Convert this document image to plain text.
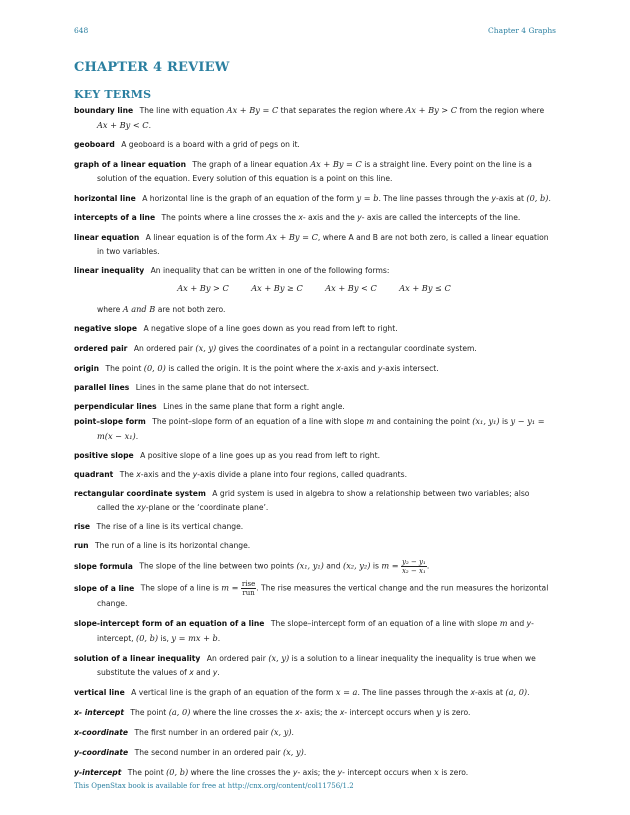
648	Chapter 4 Graphs
CHAPTER 4 REVIEW
KEY TERMS

boundary line The line with equation Ax + By = C that separates the region where Ax + By > C from the region where Ax + By < C.

geoboard A geoboard is a board with a grid of pegs on it.

graph of a linear equation The graph of a linear equation Ax + By = C is a straight line. Every point on the line is a solution of the equation. Every solution of this equation is a point on this line.

horizontal line A horizontal line is the graph of an equation of the form y = b. The line passes through the y-axis at (0, b).

intercepts of a line The points where a line crosses the x- axis and the y- axis are called the intercepts of the line.

linear equation A linear equation is of the form Ax + By = C, where A and B are not both zero, is called a linear equation in two variables.

linear inequality An inequality that can be written in one of the following forms:

Ax + By > C	Ax + By ≥ C	Ax + By < C	Ax + By ≤ C

where A and B are not both zero.

negative slope A negative slope of a line goes down as you read from left to right.

ordered pair An ordered pair (x, y) gives the coordinates of a point in a rectangular coordinate system.

origin The point (0, 0) is called the origin. It is the point where the x-axis and y-axis intersect.

parallel lines Lines in the same plane that do not intersect.

perpendicular lines Lines in the same plane that form a right angle.

point–slope form The point–slope form of an equation of a line with slope m and containing the point (x₁, y₁) is y − y₁ = m(x − x₁).

positive slope A positive slope of a line goes up as you read from left to right.

quadrant The x-axis and the y-axis divide a plane into four regions, called quadrants.

rectangular coordinate system A grid system is used in algebra to show a relationship between two variables; also called the xy-plane or the ‘coordinate plane’.

rise The rise of a line is its vertical change.

run The run of a line is its horizontal change.

slope formula The slope of the line between two points (x₁, y₁) and (x₂, y₂) is $m = \frac{\text{y₂ − y₁}}{\text{x₂ − x₁}}$ .

slope of a line The slope of a line is $m = \frac{\text{rise}}{\text{run}}$ . The rise measures the vertical change and the run measures the horizontal change.

slope-intercept form of an equation of a line The slope–intercept form of an equation of a line with slope m and y-intercept, (0, b) is, y = mx + b.

solution of a linear inequality An ordered pair (x, y) is a solution to a linear inequality the inequality is true when we substitute the values of x and y.

vertical line A vertical line is the graph of an equation of the form x = a. The line passes through the x-axis at (a, 0).

x- intercept The point (a, 0) where the line crosses the x- axis; the x- intercept occurs when y is zero.

x-coordinate The first number in an ordered pair (x, y).

y-coordinate The second number in an ordered pair (x, y).

y-intercept The point (0, b) where the line crosses the y- axis; the y- intercept occurs when x is zero.

This OpenStax book is available for free at http://cnx.org/content/col11756/1.2
